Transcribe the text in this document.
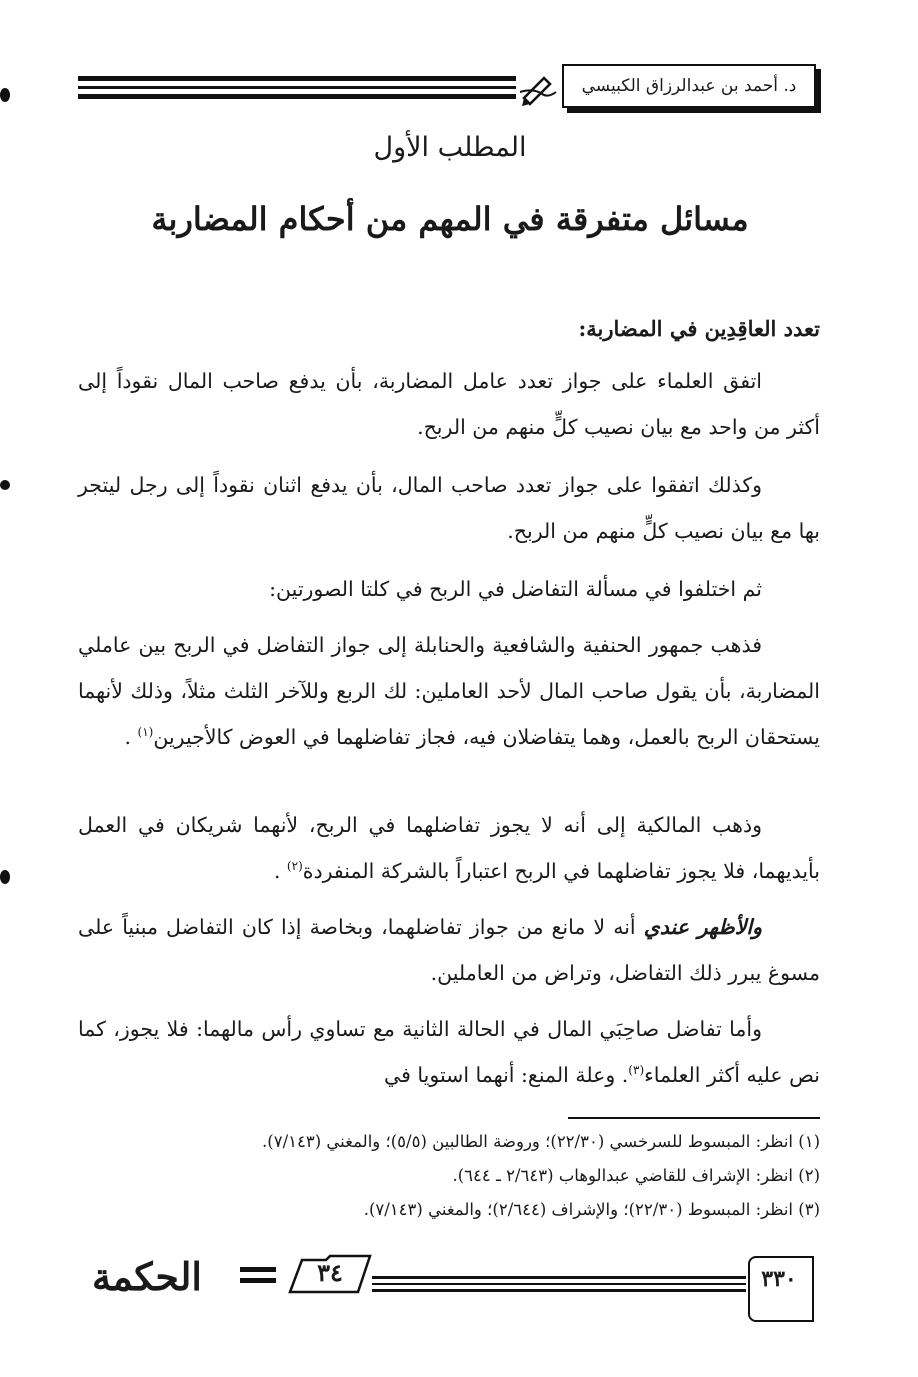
د. أحمد بن عبدالرزاق الكبيسي
المطلب الأول
مسائل متفرقة في المهم من أحكام المضاربة
تعدد العاقِدِين في المضاربة:

اتفق العلماء على جواز تعدد عامل المضاربة، بأن يدفع صاحب المال نقوداً إلى أكثر من واحد مع بيان نصيب كلٍّ منهم من الربح.

وكذلك اتفقوا على جواز تعدد صاحب المال، بأن يدفع اثنان نقوداً إلى رجل ليتجر بها مع بيان نصيب كلٍّ منهم من الربح.

ثم اختلفوا في مسألة التفاضل في الربح في كلتا الصورتين:

فذهب جمهور الحنفية والشافعية والحنابلة إلى جواز التفاضل في الربح بين عاملي المضاربة، بأن يقول صاحب المال لأحد العاملين: لك الربع وللآخر الثلث مثلاً، وذلك لأنهما يستحقان الربح بالعمل، وهما يتفاضلان فيه، فجاز تفاضلهما في العوض كالأجيرين$^{(١)}$ .

وذهب المالكية إلى أنه لا يجوز تفاضلهما في الربح، لأنهما شريكان في العمل بأيديهما، فلا يجوز تفاضلهما في الربح اعتباراً بالشركة المنفردة$^{(٢)}$ .

والأظهر عندي أنه لا مانع من جواز تفاضلهما، وبخاصة إذا كان التفاضل مبنياً على مسوغ يبرر ذلك التفاضل، وتراض من العاملين.

وأما تفاضل صاحِبَي المال في الحالة الثانية مع تساوي رأس مالهما: فلا يجوز، كما نص عليه أكثر العلماء$^{(٣)}$. وعلة المنع: أنهما استويا في

(١) انظر: المبسوط للسرخسي (٢٢/٣٠)؛ وروضة الطالبين (٥/٥)؛ والمغني (٧/١٤٣).
(٢) انظر: الإشراف للقاضي عبدالوهاب (٢/٦٤٣ ـ ٦٤٤).
(٣) انظر: المبسوط (٢٢/٣٠)؛ والإشراف (٢/٦٤٤)؛ والمغني (٧/١٤٣).
الحكمة	٣٤	٣٣٠
